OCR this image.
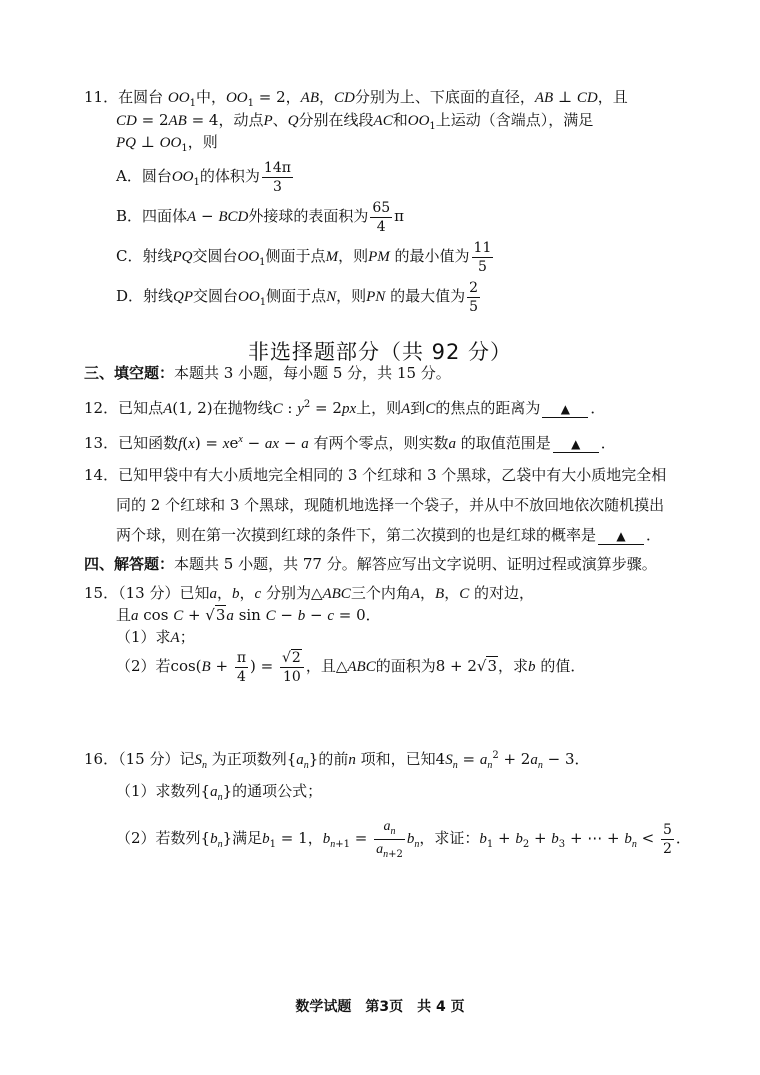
11．在圆台 $OO_1$中，$OO_1 = 2$，AB，CD分别为上、下底面的直径，AB ⊥ CD，且
CD = 2AB = 4，动点P、Q分别在线段AC和$OO_1$上运动（含端点），满足
PQ ⊥ $OO_1$，则
A．圆台$OO_1$的体积为 $\frac{14\pi}{3}$
B．四面体A − BCD外接球的表面积为 $\frac{65}{4}$ π
C．射线PQ交圆台$OO_1$侧面于点M，则PM 的最小值为 $\frac{11}{5}$
D．射线QP交圆台$OO_1$侧面于点N，则PN 的最大值为 $\frac{2}{5}$
非选择题部分（共 92 分）
三、填空题：本题共 3 小题，每小题 5 分，共 15 分。
12．已知点A(1, 2)在抛物线C : $y^2 = 2px$上，则A到C的焦点的距离为 ▲ ．
13．已知函数$f(x) = xe^x$ − ax − a 有两个零点，则实数a 的取值范围是 ▲ ．
14．已知甲袋中有大小质地完全相同的 3 个红球和 3 个黑球，乙袋中有大小质地完全相
同的 2 个红球和 3 个黑球，现随机地选择一个袋子，并从中不放回地依次随机摸出
两个球，则在第一次摸到红球的条件下，第二次摸到的也是红球的概率是 ▲ ．
四、解答题：本题共 5 小题，共 77 分。解答应写出文字说明、证明过程或演算步骤。
15．（13 分）已知a，b，c 分别为△ABC三个内角A，B，C 的对边，
且a cos C + √3a sin C − b − c = 0．
（1）求A；
（2）若$\cos(B + \frac{\pi}{4}$ ) = $\frac{√2}{10}$ ，且△ABC的面积为8 + 2√3，求b 的值．
16．（15 分）记$S_n$ 为正项数列$\{a_n\}$的前n 项和，已知$4S_n = a_n^2 + 2a_n - 3$．
（1）求数列$\{a_n\}$的通项公式；
（2）若数列$\{b_n\}$满足$b_1 = 1$，$b_{n+1} = \frac{a_n}{a_{n+2}} b_n$，求证：$b_1 + b_2 + b_3$ + ⋯ + $b_n < \frac{5}{2}$ ．
数学试题　第3页　共 4 页
